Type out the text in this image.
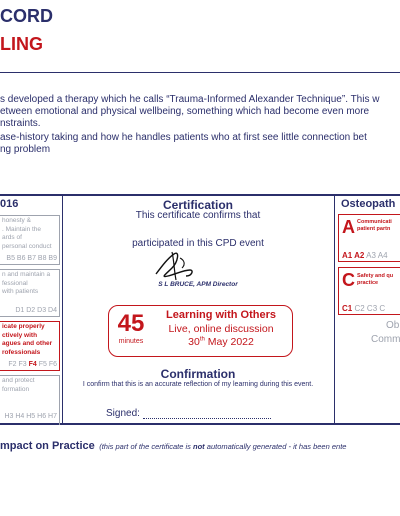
CORD
LING
s developed a therapy which he calls “Trauma-Informed Alexander Technique”. This w
etween emotional and physical wellbeing, something which had become even more
nstraints.
ase-history taking and how he handles patients who at first see little connection bet
ng problem
016
honesty &
. Maintain the
ards of
personal conduct
B5 B6 B7 B8 B9
n and maintain a
fessional
with patients
D1 D2 D3 D4
icate properly
ctively with
agues and other
rofessionals
F2 F3 F4 F5 F6
and protect
formation
H3 H4 H5 H6 H7
Certification
This certificate confirms that
participated in this CPD event
S L BRUCE, APM Director
45
minutes
Learning with Others
Live, online discussion
30th May 2022
Confirmation
I confirm that this is an accurate reflection of my learning during this event.
Signed:
Osteopath
A Communicati
patient partn
A1 A2 A3 A4
C Safety and qu
practice
C1 C2 C3 C
Ob
Comm
mpact on Practice (this part of the certificate is not automatically generated - it has been ente
